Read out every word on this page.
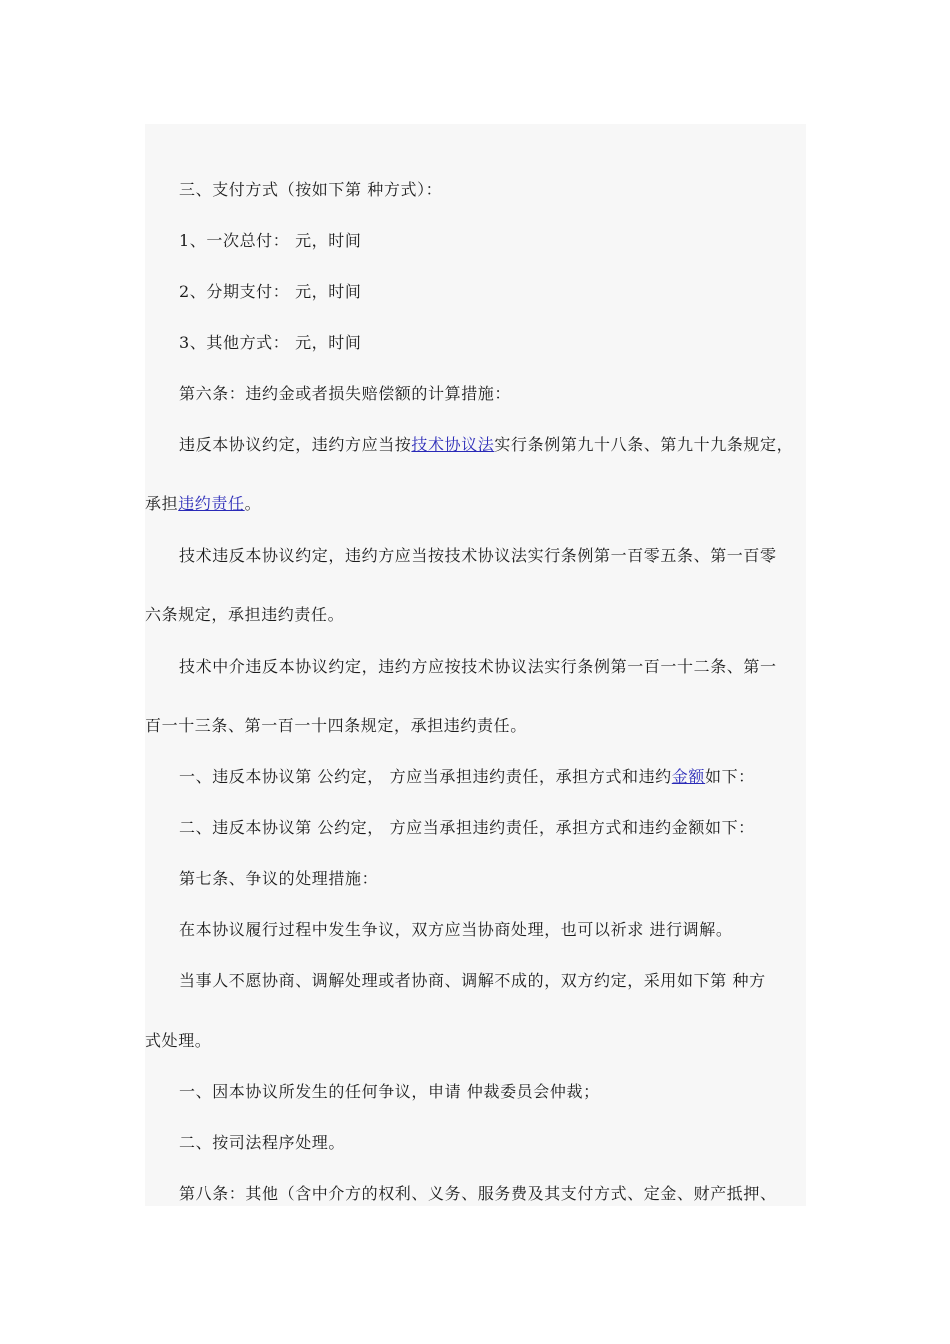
三、支付方式（按如下第 种方式）：
1、一次总付： 元，时间
2、分期支付： 元，时间
3、其他方式： 元，时间
第六条：违约金或者损失赔偿额的计算措施：
违反本协议约定，违约方应当按技术协议法实行条例第九十八条、第九十九条规定，
承担违约责任。
技术违反本协议约定，违约方应当按技术协议法实行条例第一百零五条、第一百零
六条规定，承担违约责任。
技术中介违反本协议约定，违约方应按技术协议法实行条例第一百一十二条、第一
百一十三条、第一百一十四条规定，承担违约责任。
一、违反本协议第 公约定， 方应当承担违约责任，承担方式和违约金额如下：
二、违反本协议第 公约定， 方应当承担违约责任，承担方式和违约金额如下：
第七条、争议的处理措施：
在本协议履行过程中发生争议，双方应当协商处理，也可以祈求 进行调解。
当事人不愿协商、调解处理或者协商、调解不成的，双方约定，采用如下第 种方
式处理。
一、因本协议所发生的任何争议，申请 仲裁委员会仲裁；
二、按司法程序处理。
第八条：其他（含中介方的权利、义务、服务费及其支付方式、定金、财产抵押、
